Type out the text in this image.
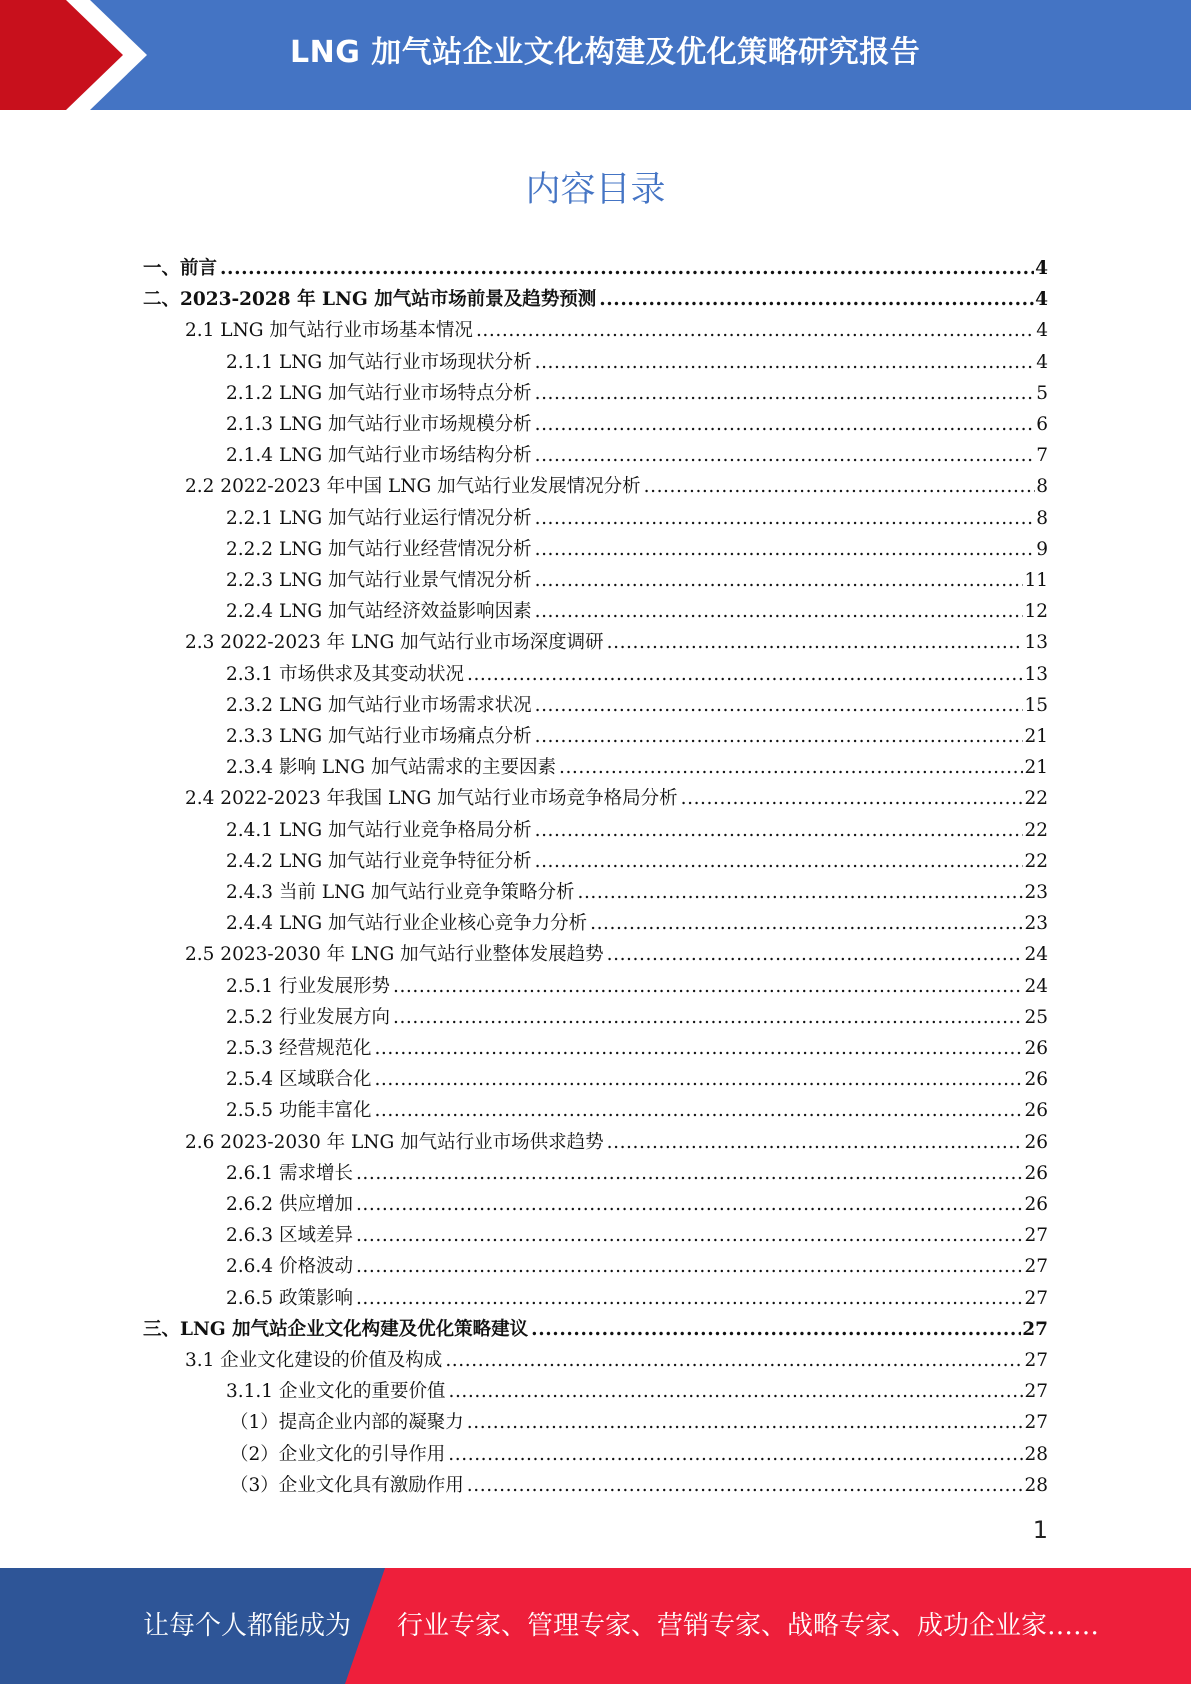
LNG 加气站企业文化构建及优化策略研究报告
内容目录
一、前言 .....	4
二、2023-2028 年 LNG 加气站市场前景及趋势预测 .....	4
2.1 LNG 加气站行业市场基本情况 .....	4
2.1.1 LNG 加气站行业市场现状分析 .....	4
2.1.2 LNG 加气站行业市场特点分析 .....	5
2.1.3 LNG 加气站行业市场规模分析 .....	6
2.1.4 LNG 加气站行业市场结构分析 .....	7
2.2 2022-2023 年中国 LNG 加气站行业发展情况分析 .....	8
2.2.1 LNG 加气站行业运行情况分析 .....	8
2.2.2 LNG 加气站行业经营情况分析 .....	9
2.2.3 LNG 加气站行业景气情况分析 .....	11
2.2.4 LNG 加气站经济效益影响因素 .....	12
2.3 2022-2023 年 LNG 加气站行业市场深度调研 .....	13
2.3.1 市场供求及其变动状况 .....	13
2.3.2 LNG 加气站行业市场需求状况 .....	15
2.3.3 LNG 加气站行业市场痛点分析 .....	21
2.3.4 影响 LNG 加气站需求的主要因素 .....	21
2.4 2022-2023 年我国 LNG 加气站行业市场竞争格局分析 .....	22
2.4.1 LNG 加气站行业竞争格局分析 .....	22
2.4.2 LNG 加气站行业竞争特征分析 .....	22
2.4.3 当前 LNG 加气站行业竞争策略分析 .....	23
2.4.4 LNG 加气站行业企业核心竞争力分析 .....	23
2.5 2023-2030 年 LNG 加气站行业整体发展趋势 .....	24
2.5.1 行业发展形势 .....	24
2.5.2 行业发展方向 .....	25
2.5.3 经营规范化 .....	26
2.5.4 区域联合化 .....	26
2.5.5 功能丰富化 .....	26
2.6 2023-2030 年 LNG 加气站行业市场供求趋势 .....	26
2.6.1 需求增长 .....	26
2.6.2 供应增加 .....	26
2.6.3 区域差异 .....	27
2.6.4 价格波动 .....	27
2.6.5 政策影响 .....	27
三、LNG 加气站企业文化构建及优化策略建议 .....	27
3.1 企业文化建设的价值及构成 .....	27
3.1.1 企业文化的重要价值 .....	27
（1）提高企业内部的凝聚力 .....	27
（2）企业文化的引导作用 .....	28
（3）企业文化具有激励作用 .....	28
1
让每个人都能成为 行业专家、管理专家、营销专家、战略专家、成功企业家……
